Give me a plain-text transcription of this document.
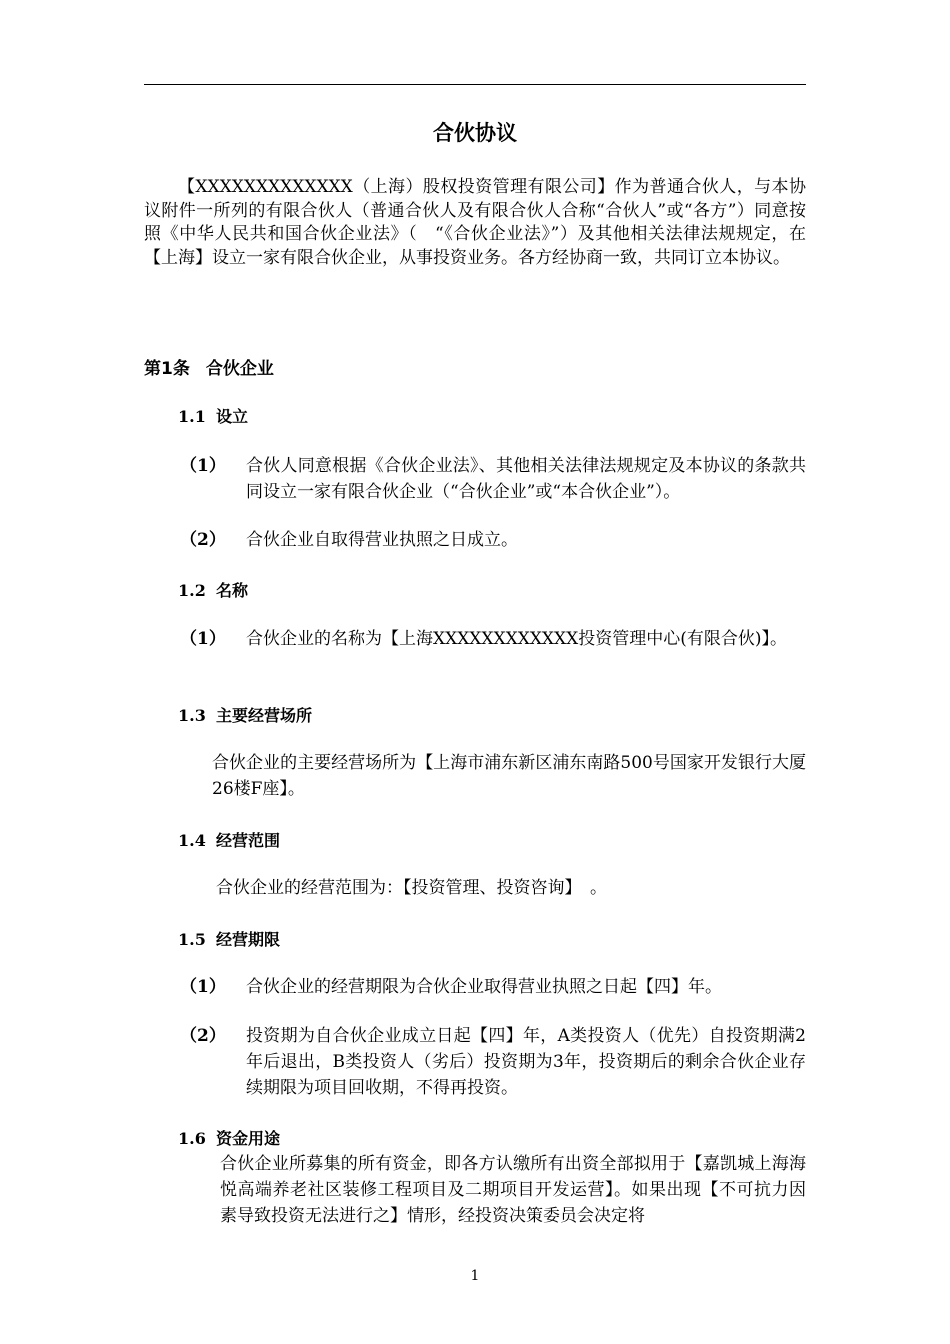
合伙协议

【XXXXXXXXXXXXX（上海）股权投资管理有限公司】作为普通合伙人，与本协议附件一所列的有限合伙人（普通合伙人及有限合伙人合称“合伙人”或“各方”）同意按照《中华人民共和国合伙企业法》（　“《合伙企业法》”）及其他相关法律法规规定，在【上海】设立一家有限合伙企业，从事投资业务。各方经协商一致，共同订立本协议。

第1条 合伙企业
1.1 设立
（1）	合伙人同意根据《合伙企业法》、其他相关法律法规规定及本协议的条款共同设立一家有限合伙企业（“合伙企业”或“本合伙企业”）。
（2）	合伙企业自取得营业执照之日成立。
1.2 名称
（1）	合伙企业的名称为【上海XXXXXXXXXXXX投资管理中心(有限合伙)】。
1.3 主要经营场所
合伙企业的主要经营场所为【上海市浦东新区浦东南路500号国家开发银行大厦26楼F座】。
1.4 经营范围
合伙企业的经营范围为：【投资管理、投资咨询】　。
1.5 经营期限
（1）	合伙企业的经营期限为合伙企业取得营业执照之日起【四】年。
（2）	投资期为自合伙企业成立日起【四】年，A类投资人（优先）自投资期满2年后退出，B类投资人（劣后）投资期为3年，投资期后的剩余合伙企业存续期限为项目回收期，不得再投资。
1.6 资金用途
合伙企业所募集的所有资金，即各方认缴所有出资全部拟用于【嘉凯城上海海悦高端养老社区装修工程项目及二期项目开发运营】。如果出现【不可抗力因素导致投资无法进行之】情形，经投资决策委员会决定将
1
